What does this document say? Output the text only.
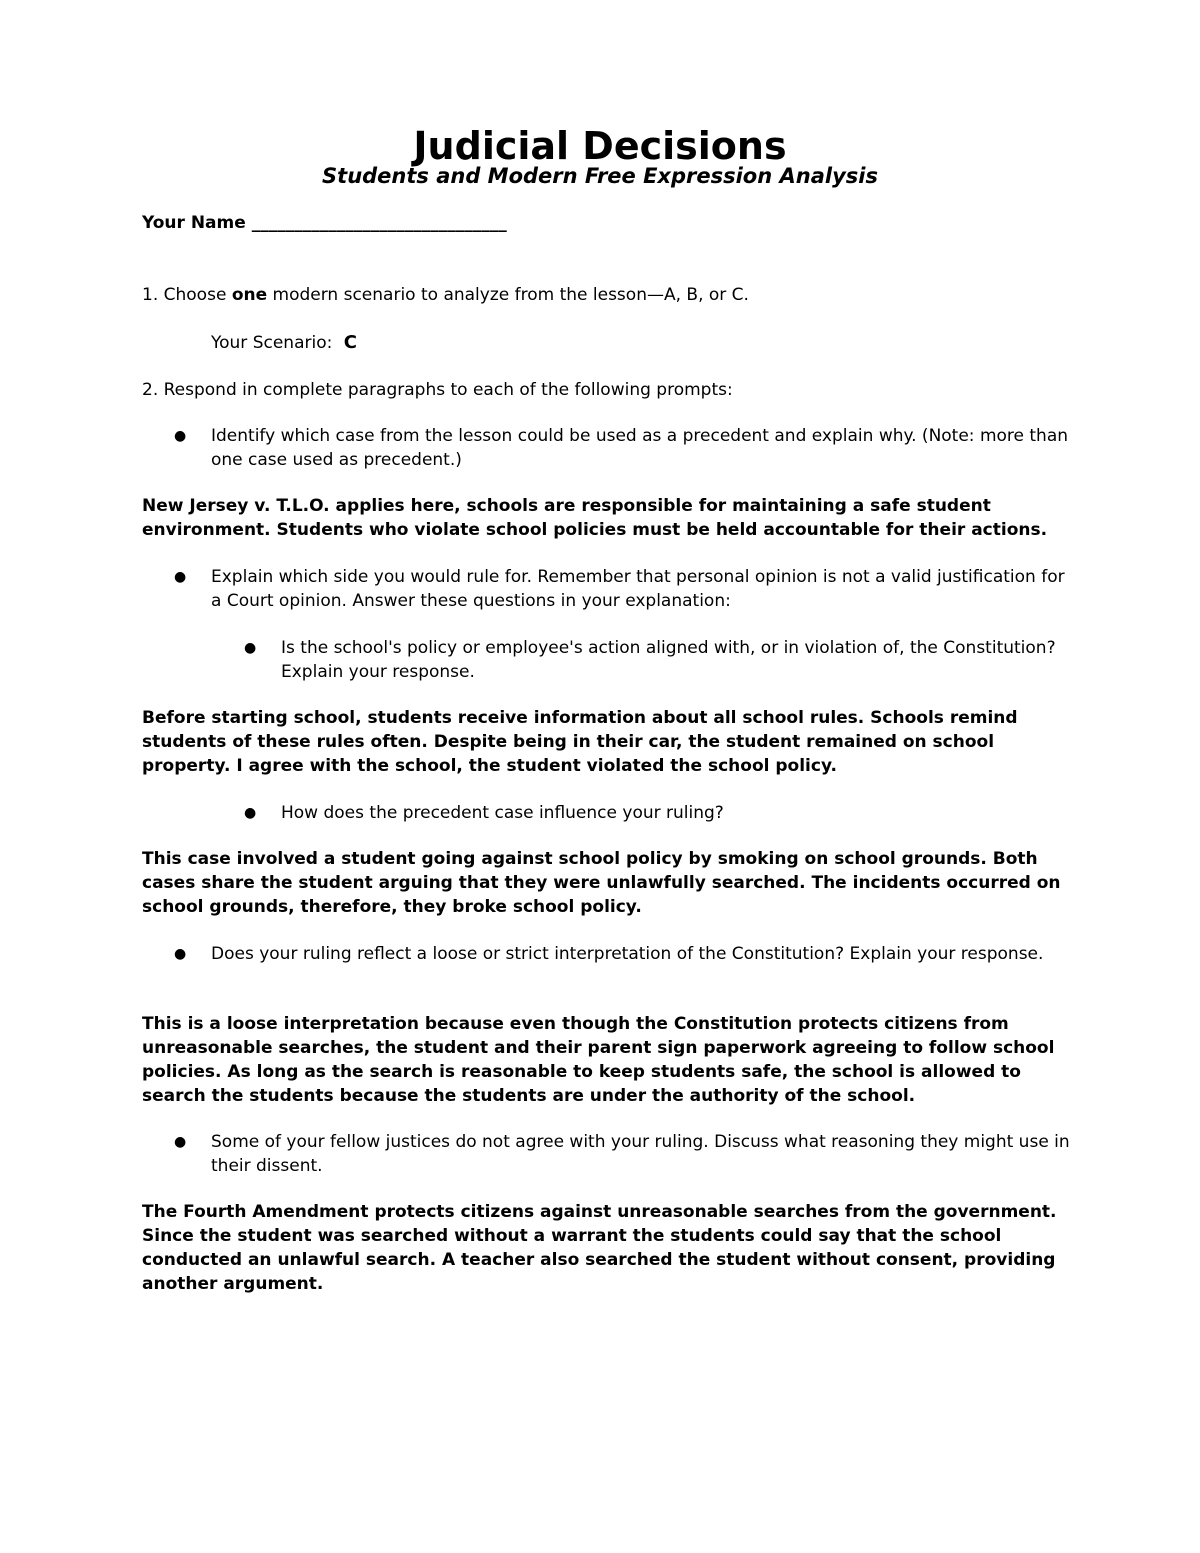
Judicial Decisions
Students and Modern Free Expression Analysis
Your Name ______________________________
1. Choose one modern scenario to analyze from the lesson—A, B, or C.
Your Scenario: C
2. Respond in complete paragraphs to each of the following prompts:
●	Identify which case from the lesson could be used as a precedent and explain why. (Note: more than one case used as precedent.)
New Jersey v. T.L.O. applies here, schools are responsible for maintaining a safe student environment. Students who violate school policies must be held accountable for their actions.
●	Explain which side you would rule for. Remember that personal opinion is not a valid justification for a Court opinion. Answer these questions in your explanation:
●	Is the school's policy or employee's action aligned with, or in violation of, the Constitution? Explain your response.
Before starting school, students receive information about all school rules. Schools remind students of these rules often. Despite being in their car, the student remained on school property. I agree with the school, the student violated the school policy.
●	How does the precedent case influence your ruling?
This case involved a student going against school policy by smoking on school grounds. Both cases share the student arguing that they were unlawfully searched. The incidents occurred on school grounds, therefore, they broke school policy.
●	Does your ruling reflect a loose or strict interpretation of the Constitution? Explain your response.
This is a loose interpretation because even though the Constitution protects citizens from unreasonable searches, the student and their parent sign paperwork agreeing to follow school policies. As long as the search is reasonable to keep students safe, the school is allowed to search the students because the students are under the authority of the school.
●	Some of your fellow justices do not agree with your ruling. Discuss what reasoning they might use in their dissent.
The Fourth Amendment protects citizens against unreasonable searches from the government. Since the student was searched without a warrant the students could say that the school conducted an unlawful search. A teacher also searched the student without consent, providing another argument.
